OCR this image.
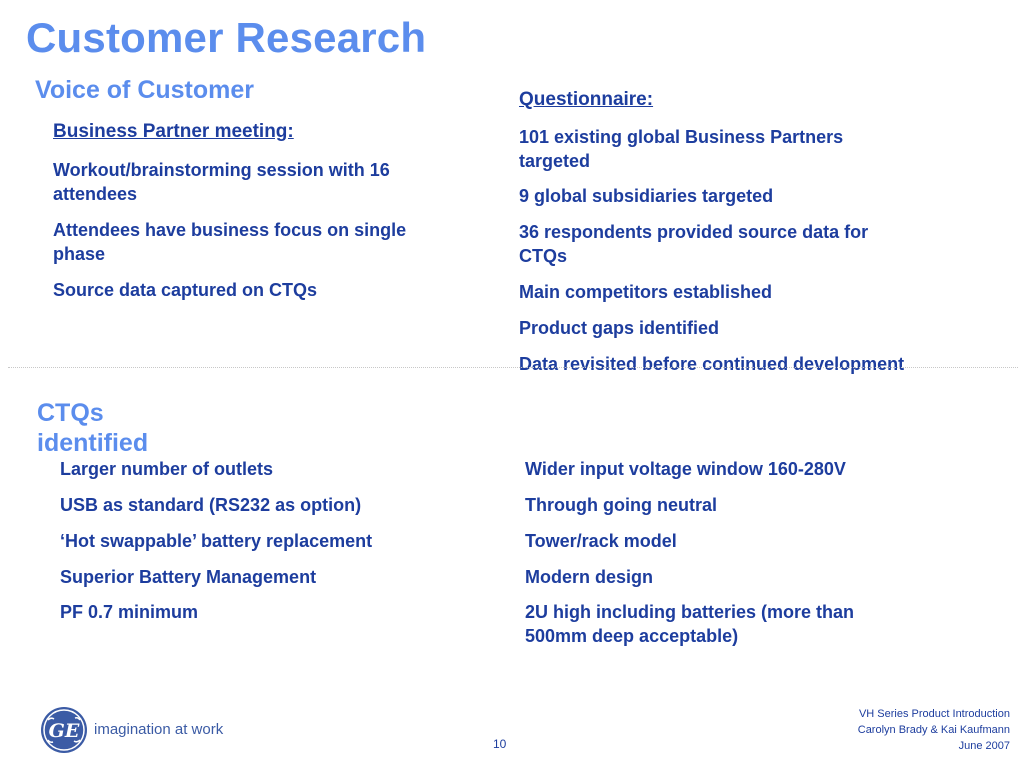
Customer Research
Voice of Customer
Business Partner meeting:
Workout/brainstorming session with 16 attendees
Attendees have business focus on single phase
Source data captured on CTQs
Questionnaire:
101 existing global Business Partners targeted
9 global subsidiaries targeted
36 respondents provided source data for CTQs
Main competitors established
Product gaps identified
Data revisited before continued development
CTQs
identified
Larger number of outlets
USB as standard (RS232 as option)
‘Hot swappable’ battery replacement
Superior Battery Management
PF 0.7 minimum
Wider input voltage window 160-280V
Through going neutral
Tower/rack model
Modern design
2U high including batteries (more than 500mm deep acceptable)
GE imagination at work
10
VH Series Product Introduction
Carolyn Brady & Kai Kaufmann
June 2007
